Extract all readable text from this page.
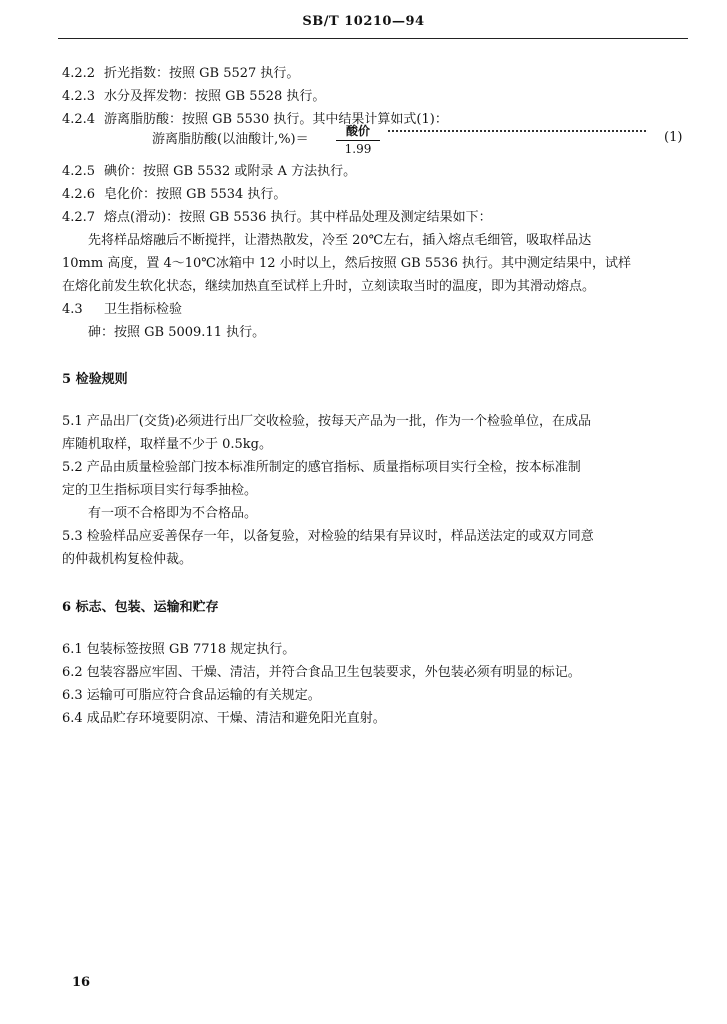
SB/T 10210—94
4.2.2 折光指数：按照 GB 5527 执行。
4.2.3 水分及挥发物：按照 GB 5528 执行。
4.2.4 游离脂肪酸：按照 GB 5530 执行。其中结果计算如式(1)：
游离脂肪酸(以油酸计,%)＝
酸价
1.99
(1)
4.2.5 碘价：按照 GB 5532 或附录 A 方法执行。
4.2.6 皂化价：按照 GB 5534 执行。
4.2.7 熔点(滑动)：按照 GB 5536 执行。其中样品处理及测定结果如下：
先将样品熔融后不断搅拌，让潜热散发，冷至 20℃左右，插入熔点毛细管，吸取样品达
10mm 高度，置 4～10℃冰箱中 12 小时以上，然后按照 GB 5536 执行。其中测定结果中，试样
在熔化前发生软化状态，继续加热直至试样上升时，立刻读取当时的温度，即为其滑动熔点。
4.3 卫生指标检验
砷：按照 GB 5009.11 执行。
5 检验规则
5.1 产品出厂(交货)必须进行出厂交收检验，按每天产品为一批，作为一个检验单位，在成品
库随机取样，取样量不少于 0.5kg。
5.2 产品由质量检验部门按本标准所制定的感官指标、质量指标项目实行全检，按本标准制
定的卫生指标项目实行每季抽检。
有一项不合格即为不合格品。
5.3 检验样品应妥善保存一年，以备复验，对检验的结果有异议时，样品送法定的或双方同意
的仲裁机构复检仲裁。
6 标志、包装、运输和贮存
6.1 包装标签按照 GB 7718 规定执行。
6.2 包装容器应牢固、干燥、清洁，并符合食品卫生包装要求，外包装必须有明显的标记。
6.3 运输可可脂应符合食品运输的有关规定。
6.4 成品贮存环境要阴凉、干燥、清洁和避免阳光直射。
16
